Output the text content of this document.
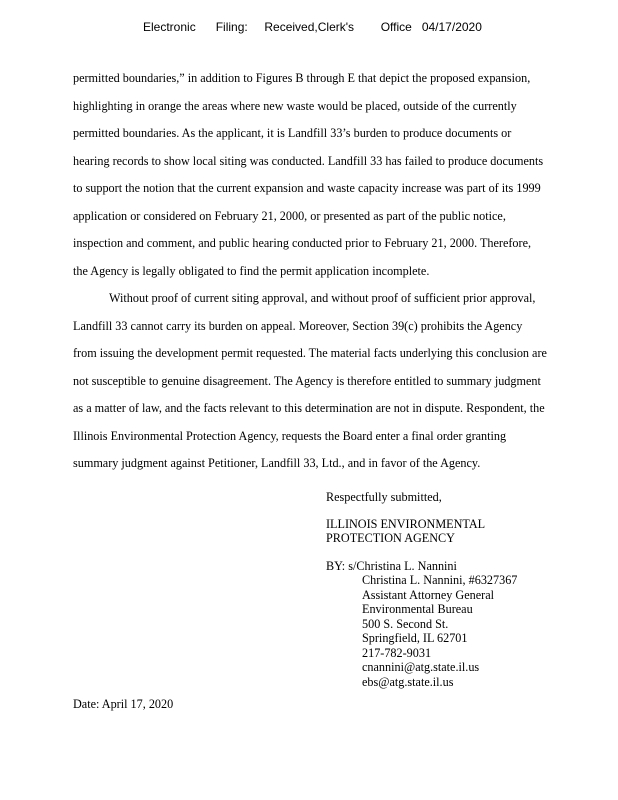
Electronic      Filing:     Received,Clerk's        Office   04/17/2020
permitted boundaries,” in addition to Figures B through E that depict the proposed expansion,
highlighting in orange the areas where new waste would be placed, outside of the currently
permitted boundaries. As the applicant, it is Landfill 33’s burden to produce documents or
hearing records to show local siting was conducted. Landfill 33 has failed to produce documents
to support the notion that the current expansion and waste capacity increase was part of its 1999
application or considered on February 21, 2000, or presented as part of the public notice,
inspection and comment, and public hearing conducted prior to February 21, 2000. Therefore,
the Agency is legally obligated to find the permit application incomplete.
Without proof of current siting approval, and without proof of sufficient prior approval,
Landfill 33 cannot carry its burden on appeal. Moreover, Section 39(c) prohibits the Agency
from issuing the development permit requested. The material facts underlying this conclusion are
not susceptible to genuine disagreement. The Agency is therefore entitled to summary judgment
as a matter of law, and the facts relevant to this determination are not in dispute. Respondent, the
Illinois Environmental Protection Agency, requests the Board enter a final order granting
summary judgment against Petitioner, Landfill 33, Ltd., and in favor of the Agency.
Respectfully submitted,
ILLINOIS ENVIRONMENTAL
PROTECTION AGENCY
BY: s/Christina L. Nannini
Christina L. Nannini, #6327367
Assistant Attorney General
Environmental Bureau
500 S. Second St.
Springfield, IL 62701
217-782-9031
cnannini@atg.state.il.us
ebs@atg.state.il.us
Date: April 17, 2020
